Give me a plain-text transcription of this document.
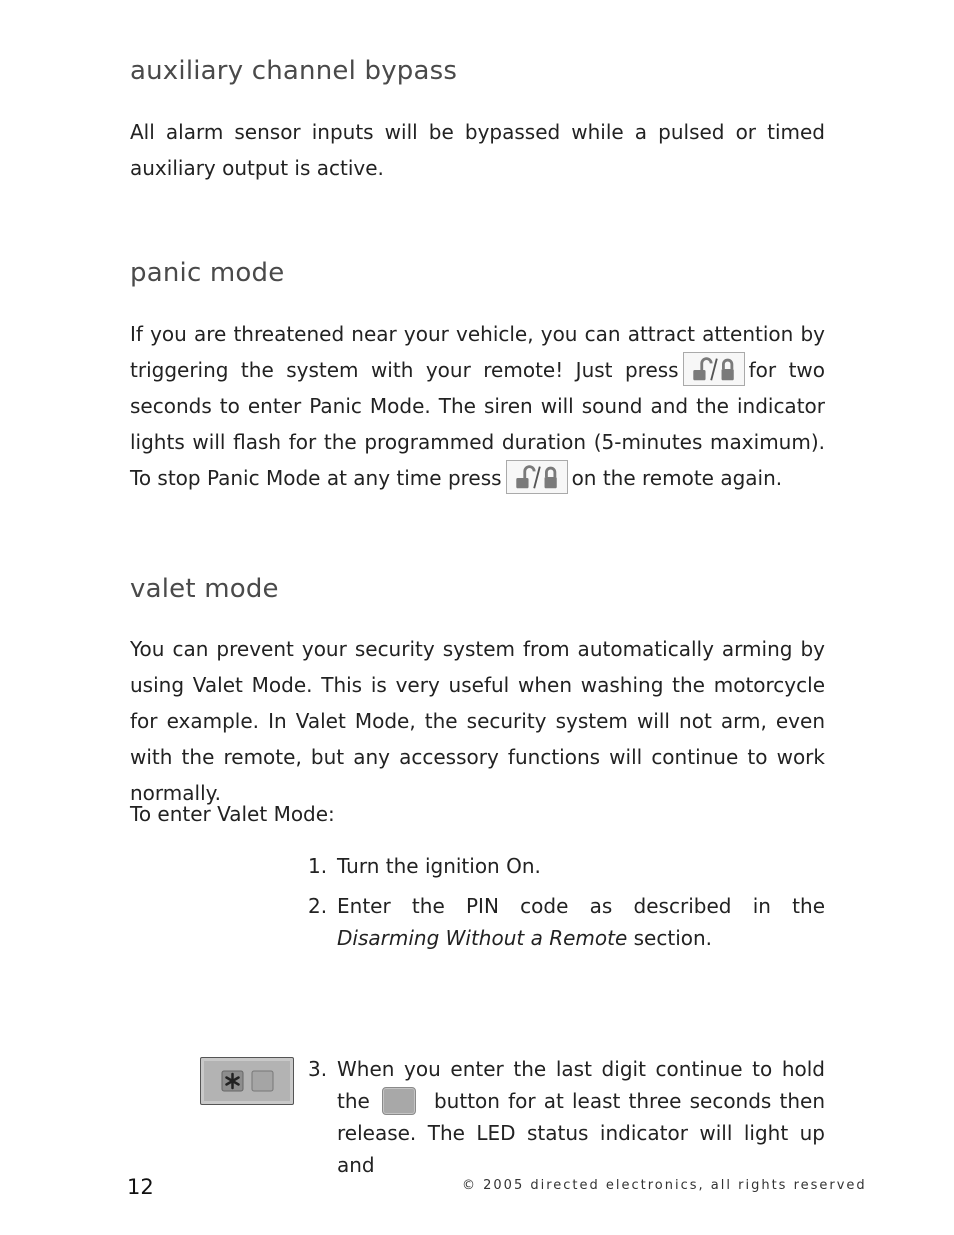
auxiliary channel bypass

All alarm sensor inputs will be bypassed while a pulsed or timed auxiliary output is active.

panic mode

If you are threatened near your vehicle, you can attract attention by triggering the system with your remote! Just press	for two seconds to enter Panic Mode. The siren will sound and the indicator lights will flash for the programmed duration (5-minutes maximum). To stop Panic Mode at any time press	on the remote again.

valet mode

You can prevent your security system from automatically arming by using Valet Mode. This is very useful when washing the motorcycle for example. In Valet Mode, the security system will not arm, even with the remote, but any accessory functions will continue to work normally.

To enter Valet Mode:

1. Turn the ignition On.
2. Enter the PIN code as described in the Disarming Without a Remote section.
3. When you enter the last digit continue to hold the	button for at least three seconds then release. The LED status indicator will light up and
12	© 2005 directed electronics, all rights reserved
